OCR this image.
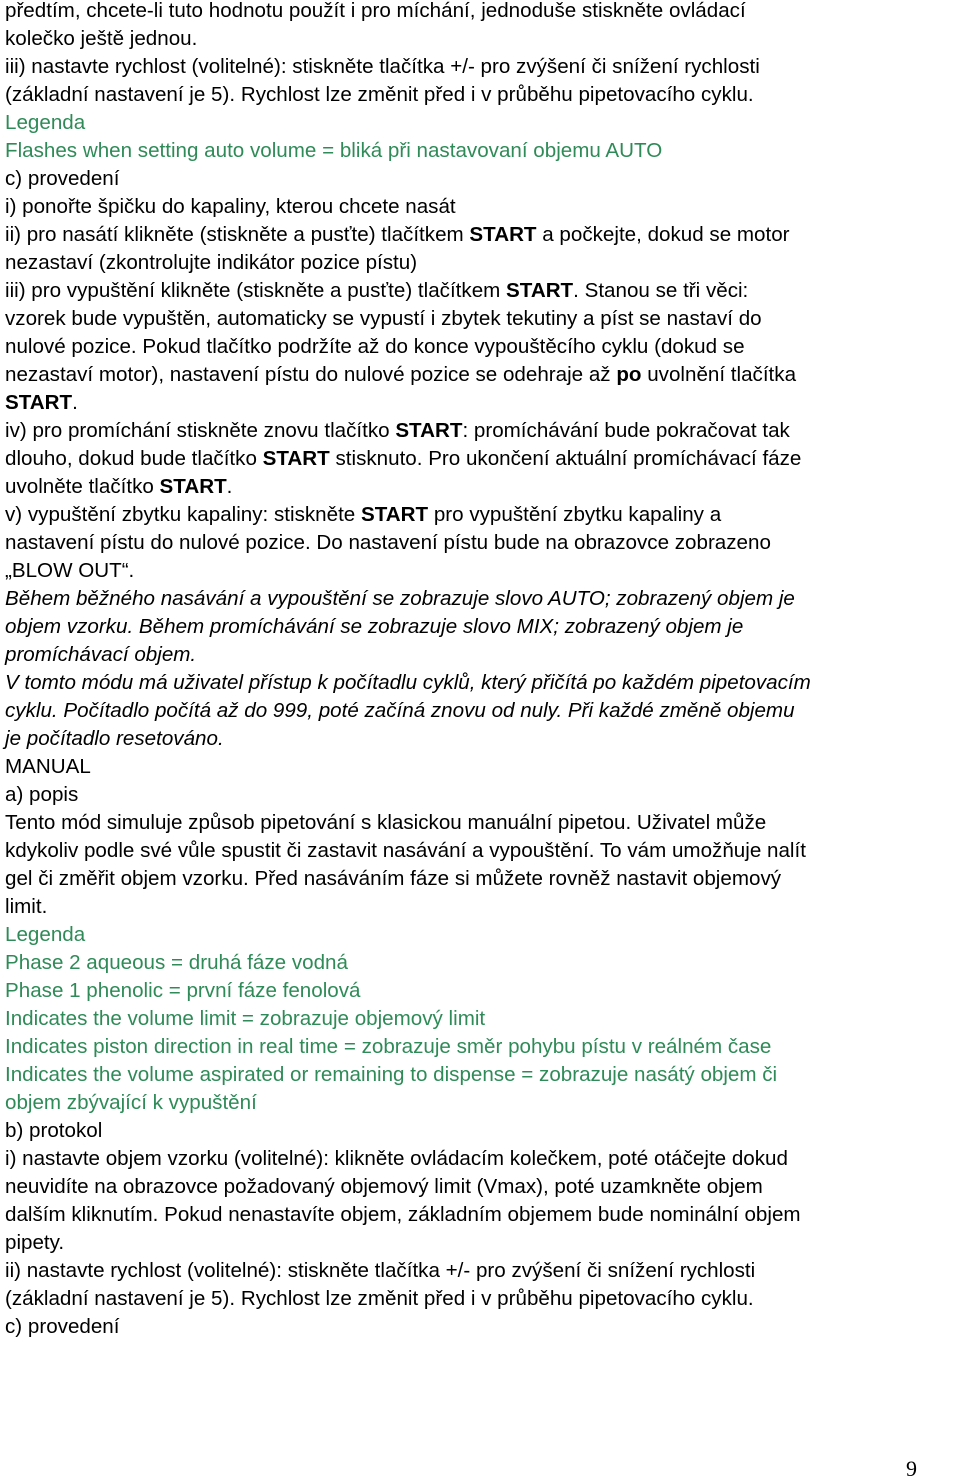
předtím, chcete-li tuto hodnotu použít i pro míchání, jednoduše stiskněte ovládací
kolečko ještě jednou.
iii) nastavte rychlost (volitelné): stiskněte tlačítka +/- pro zvýšení či snížení rychlosti
(základní nastavení je 5). Rychlost lze změnit před i v průběhu pipetovacího cyklu.
Legenda
Flashes when setting auto volume = bliká při nastavovaní objemu AUTO
c) provedení
i) ponořte špičku do kapaliny, kterou chcete nasát
ii) pro nasátí klikněte (stiskněte a pusťte) tlačítkem START a počkejte, dokud se motor
nezastaví (zkontrolujte indikátor pozice pístu)
iii) pro vypuštění klikněte (stiskněte a pusťte) tlačítkem START. Stanou se tři věci:
vzorek bude vypuštěn, automaticky se vypustí i zbytek tekutiny a píst se nastaví do
nulové pozice. Pokud tlačítko podržíte až do konce vypouštěcího cyklu (dokud se
nezastaví motor), nastavení pístu do nulové pozice se odehraje až po uvolnění tlačítka
START.
iv) pro promíchání stiskněte znovu tlačítko START: promíchávání bude pokračovat tak
dlouho, dokud bude tlačítko START stisknuto. Pro ukončení aktuální promíchávací fáze
uvolněte tlačítko START.
v) vypuštění zbytku kapaliny: stiskněte START pro vypuštění zbytku kapaliny a
nastavení pístu do nulové pozice. Do nastavení pístu bude na obrazovce zobrazeno
„BLOW OUT“.
Během běžného nasávání a vypouštění se zobrazuje slovo AUTO; zobrazený objem je
objem vzorku. Během promíchávání se zobrazuje slovo MIX; zobrazený objem je
promíchávací objem.
V tomto módu má uživatel přístup k počítadlu cyklů, který přičítá po každém pipetovacím
cyklu. Počítadlo počítá až do 999, poté začíná znovu od nuly. Při každé změně objemu
je počítadlo resetováno.
MANUAL
a) popis
Tento mód simuluje způsob pipetování s klasickou manuální pipetou. Uživatel může
kdykoliv podle své vůle spustit či zastavit nasávání a vypouštění. To vám umožňuje nalít
gel či změřit objem vzorku. Před nasáváním fáze si můžete rovněž nastavit objemový
limit.
Legenda
Phase 2 aqueous = druhá fáze vodná
Phase 1 phenolic = první fáze fenolová
Indicates the volume limit = zobrazuje objemový limit
Indicates piston direction in real time = zobrazuje směr pohybu pístu v reálném čase
Indicates the volume aspirated or remaining to dispense = zobrazuje nasátý objem či
objem zbývající k vypuštění
b) protokol
i) nastavte objem vzorku (volitelné): klikněte ovládacím kolečkem, poté otáčejte dokud
neuvidíte na obrazovce požadovaný objemový limit (Vmax), poté uzamkněte objem
dalším kliknutím. Pokud nenastavíte objem, základním objemem bude nominální objem
pipety.
ii) nastavte rychlost (volitelné): stiskněte tlačítka +/- pro zvýšení či snížení rychlosti
(základní nastavení je 5). Rychlost lze změnit před i v průběhu pipetovacího cyklu.
c) provedení
9
